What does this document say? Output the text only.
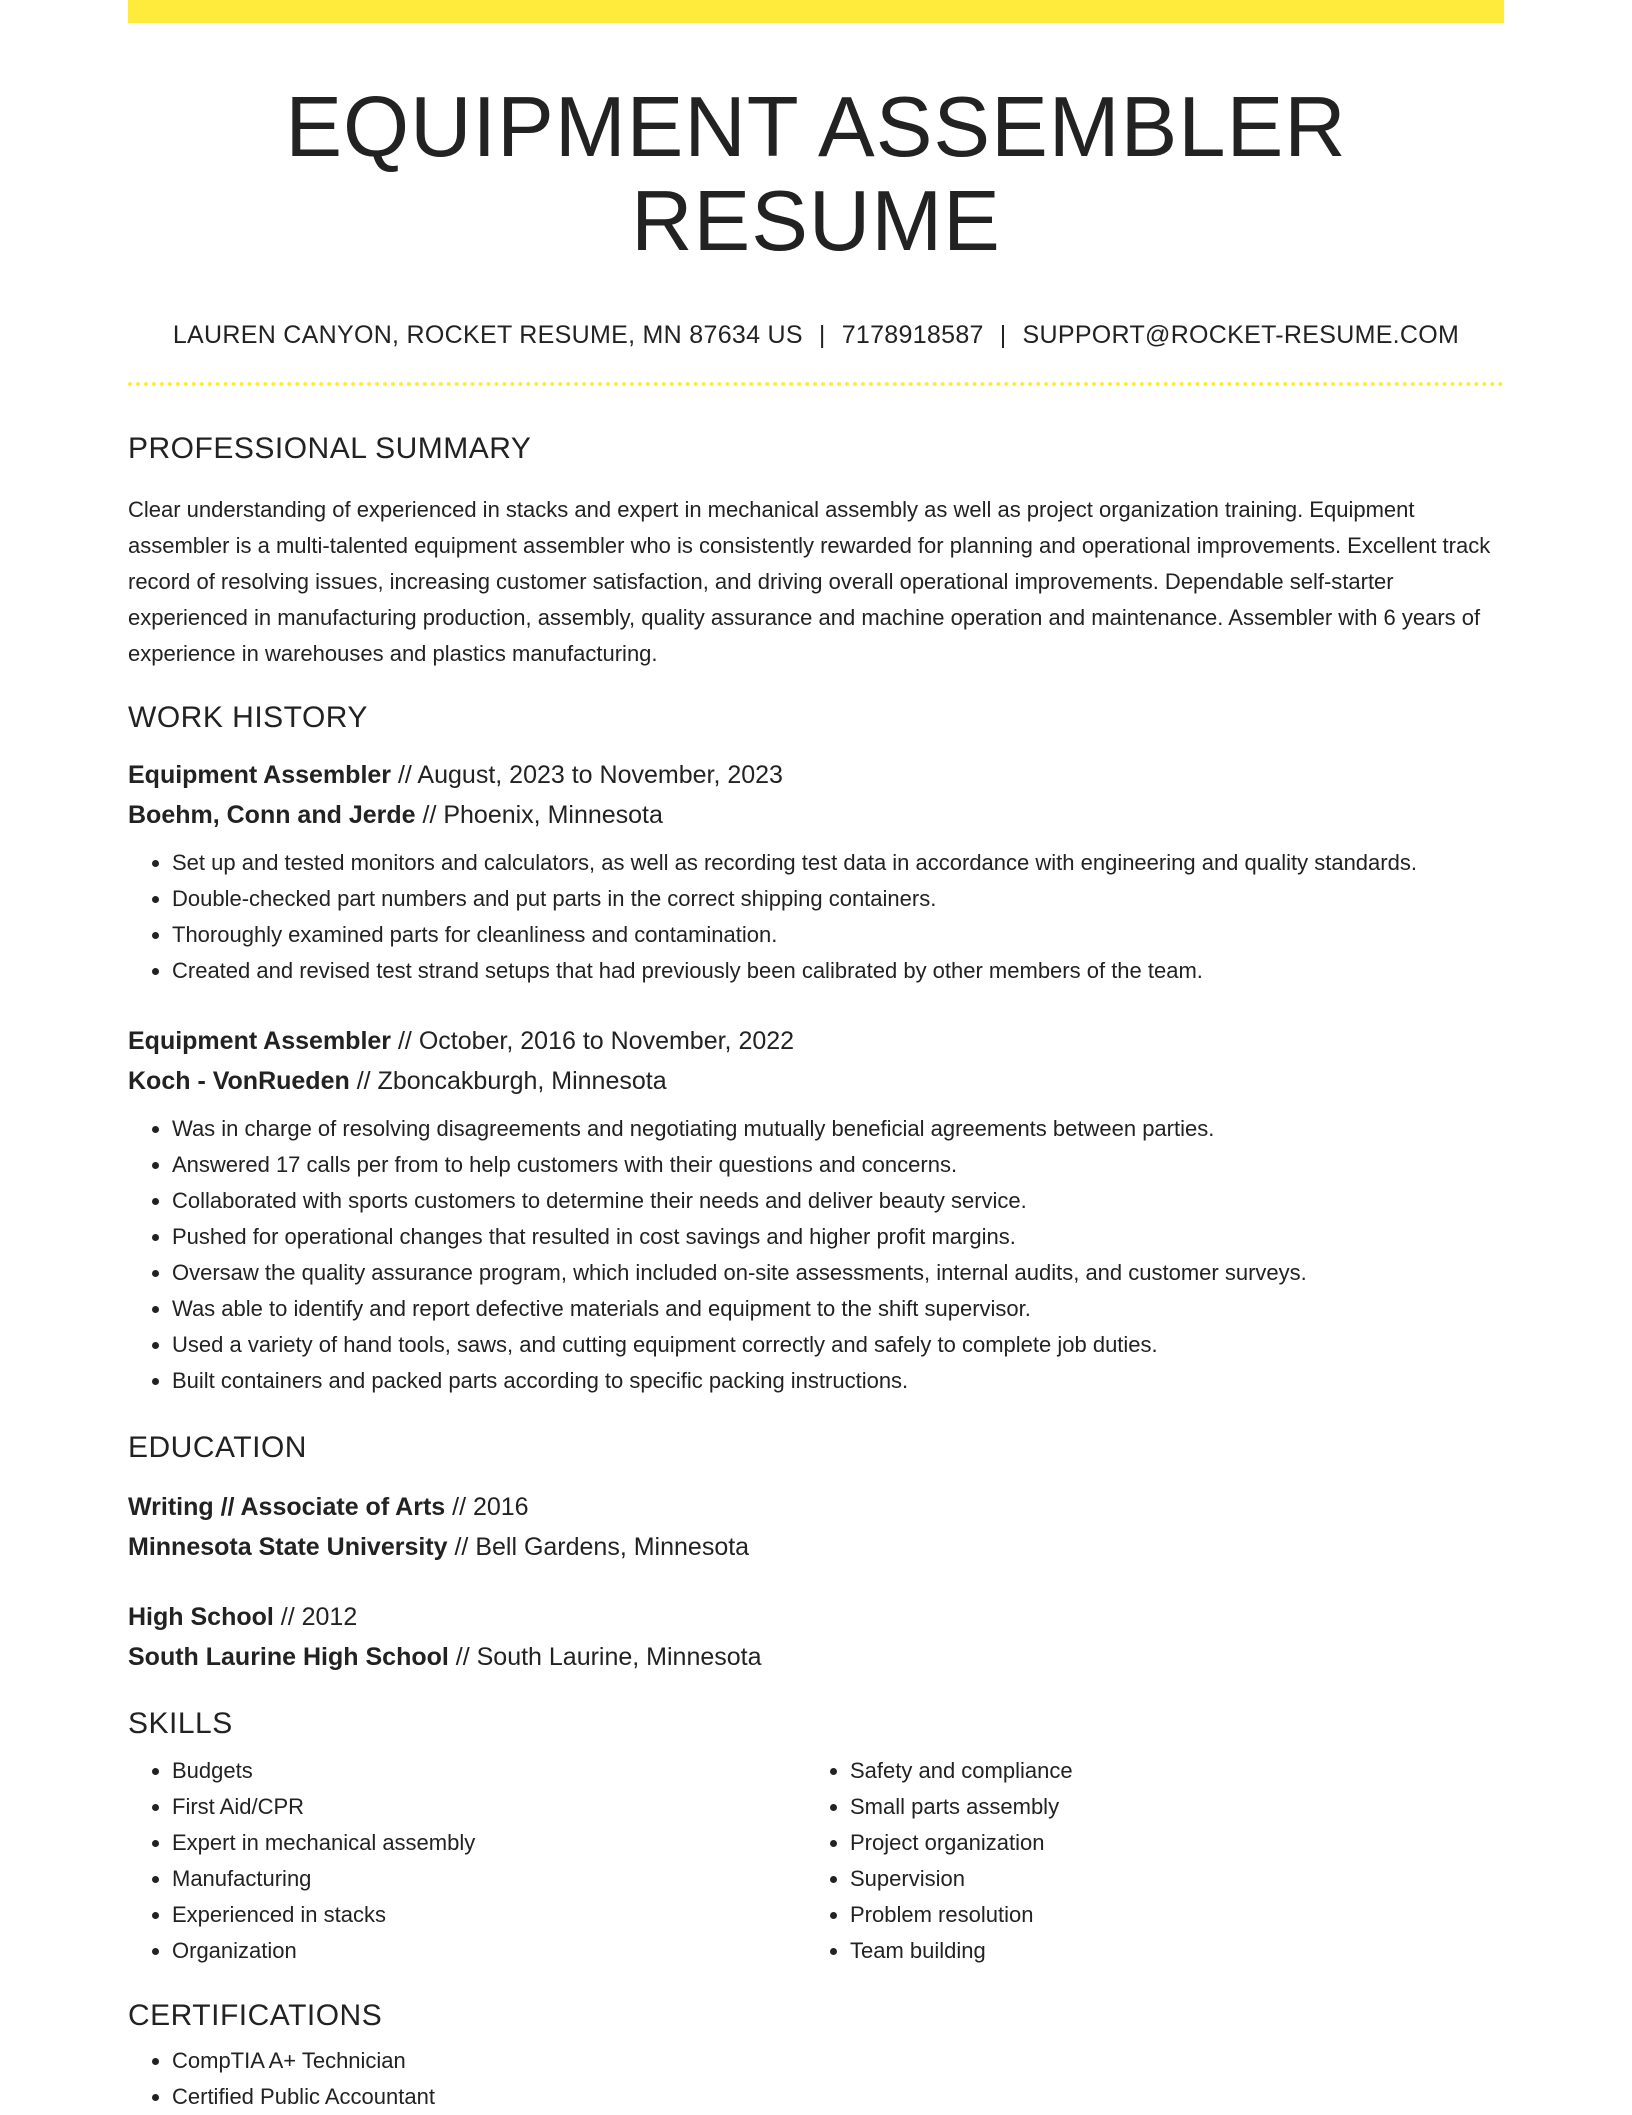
EQUIPMENT ASSEMBLER RESUME
LAUREN CANYON, ROCKET RESUME, MN 87634 US | 7178918587 | SUPPORT@ROCKET-RESUME.COM
PROFESSIONAL SUMMARY
Clear understanding of experienced in stacks and expert in mechanical assembly as well as project organization training. Equipment assembler is a multi-talented equipment assembler who is consistently rewarded for planning and operational improvements. Excellent track record of resolving issues, increasing customer satisfaction, and driving overall operational improvements. Dependable self-starter experienced in manufacturing production, assembly, quality assurance and machine operation and maintenance. Assembler with 6 years of experience in warehouses and plastics manufacturing.
WORK HISTORY
Equipment Assembler // August, 2023 to November, 2023
Boehm, Conn and Jerde // Phoenix, Minnesota
• Set up and tested monitors and calculators, as well as recording test data in accordance with engineering and quality standards.
• Double-checked part numbers and put parts in the correct shipping containers.
• Thoroughly examined parts for cleanliness and contamination.
• Created and revised test strand setups that had previously been calibrated by other members of the team.
Equipment Assembler // October, 2016 to November, 2022
Koch - VonRueden // Zboncakburgh, Minnesota
• Was in charge of resolving disagreements and negotiating mutually beneficial agreements between parties.
• Answered 17 calls per from to help customers with their questions and concerns.
• Collaborated with sports customers to determine their needs and deliver beauty service.
• Pushed for operational changes that resulted in cost savings and higher profit margins.
• Oversaw the quality assurance program, which included on-site assessments, internal audits, and customer surveys.
• Was able to identify and report defective materials and equipment to the shift supervisor.
• Used a variety of hand tools, saws, and cutting equipment correctly and safely to complete job duties.
• Built containers and packed parts according to specific packing instructions.
EDUCATION
Writing // Associate of Arts // 2016
Minnesota State University // Bell Gardens, Minnesota
High School // 2012
South Laurine High School // South Laurine, Minnesota
SKILLS
• Budgets
• First Aid/CPR
• Expert in mechanical assembly
• Manufacturing
• Experienced in stacks
• Organization
• Safety and compliance
• Small parts assembly
• Project organization
• Supervision
• Problem resolution
• Team building
CERTIFICATIONS
• CompTIA A+ Technician
• Certified Public Accountant
